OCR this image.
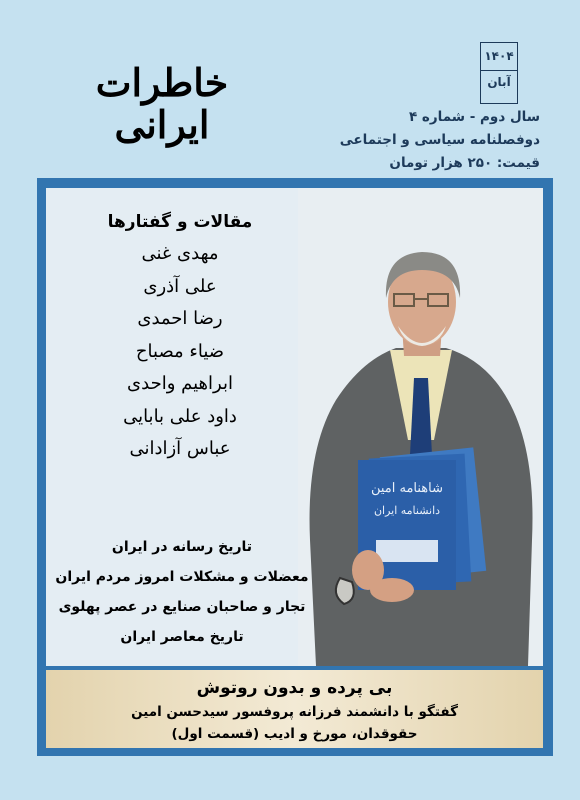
۱۴۰۴
آبان
خاطرات
ایرانی	سال دوم - شماره ۴
دوفصلنامه سیاسی و اجتماعی
قیمت: ۲۵۰ هزار تومان
مقالات و گفتارها
مهدی غنی
علی آذری
رضا احمدی
ضیاء مصباح
ابراهیم واحدی
داود علی بابایی
عباس آزادانی
تاریخ رسانه در ایران
معضلات و مشکلات امروز مردم ایران
تجار و صاحبان صنایع در عصر پهلوی
تاریخ معاصر ایران
شاهنامه امین
دانشنامه ایران
بی پرده و بدون روتوش
گفتگو با دانشمند فرزانه پروفسور سیدحسن امین
حقوقدان، مورخ و ادیب (قسمت اول)
